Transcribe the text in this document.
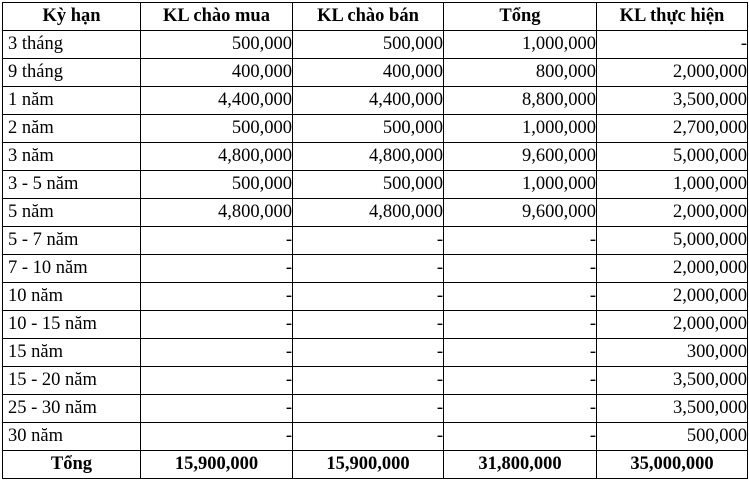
Kỳ hạn	KL chào mua	KL chào bán	Tổng	KL thực hiện
3 tháng	500,000	500,000	1,000,000	-
9 tháng	400,000	400,000	800,000	2,000,000
1 năm	4,400,000	4,400,000	8,800,000	3,500,000
2 năm	500,000	500,000	1,000,000	2,700,000
3 năm	4,800,000	4,800,000	9,600,000	5,000,000
3 - 5 năm	500,000	500,000	1,000,000	1,000,000
5 năm	4,800,000	4,800,000	9,600,000	2,000,000
5 - 7 năm	-	-	-	5,000,000
7 - 10 năm	-	-	-	2,000,000
10 năm	-	-	-	2,000,000
10 - 15 năm	-	-	-	2,000,000
15 năm	-	-	-	300,000
15 - 20 năm	-	-	-	3,500,000
25 - 30 năm	-	-	-	3,500,000
30 năm	-	-	-	500,000
Tổng	15,900,000	15,900,000	31,800,000	35,000,000
